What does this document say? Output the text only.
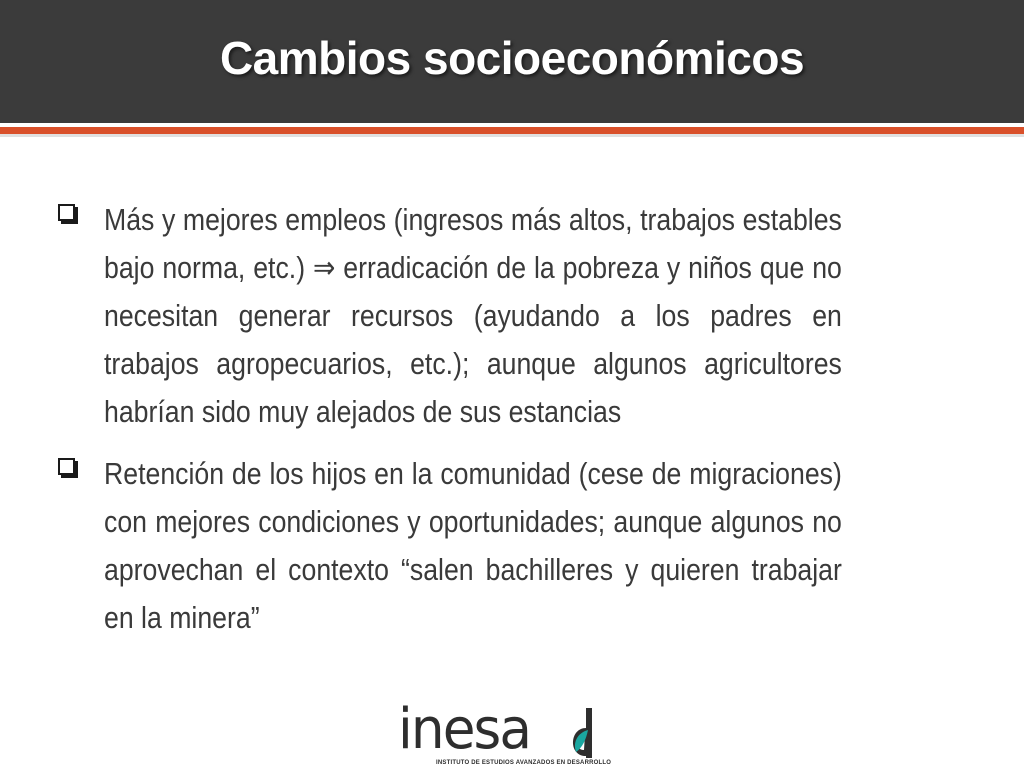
Cambios socioeconómicos
Más y mejores empleos (ingresos más altos, trabajos estables bajo norma, etc.) ⇒ erradicación de la pobreza y niños que no necesitan generar recursos (ayudando a los padres en trabajos agropecuarios, etc.); aunque algunos agricultores habrían sido muy alejados de sus estancias
Retención de los hijos en la comunidad (cese de migraciones) con mejores condiciones y oportunidades; aunque algunos no aprovechan el contexto “salen bachilleres y quieren trabajar en la minera”
inesa
INSTITUTO DE ESTUDIOS AVANZADOS EN DESARROLLO
